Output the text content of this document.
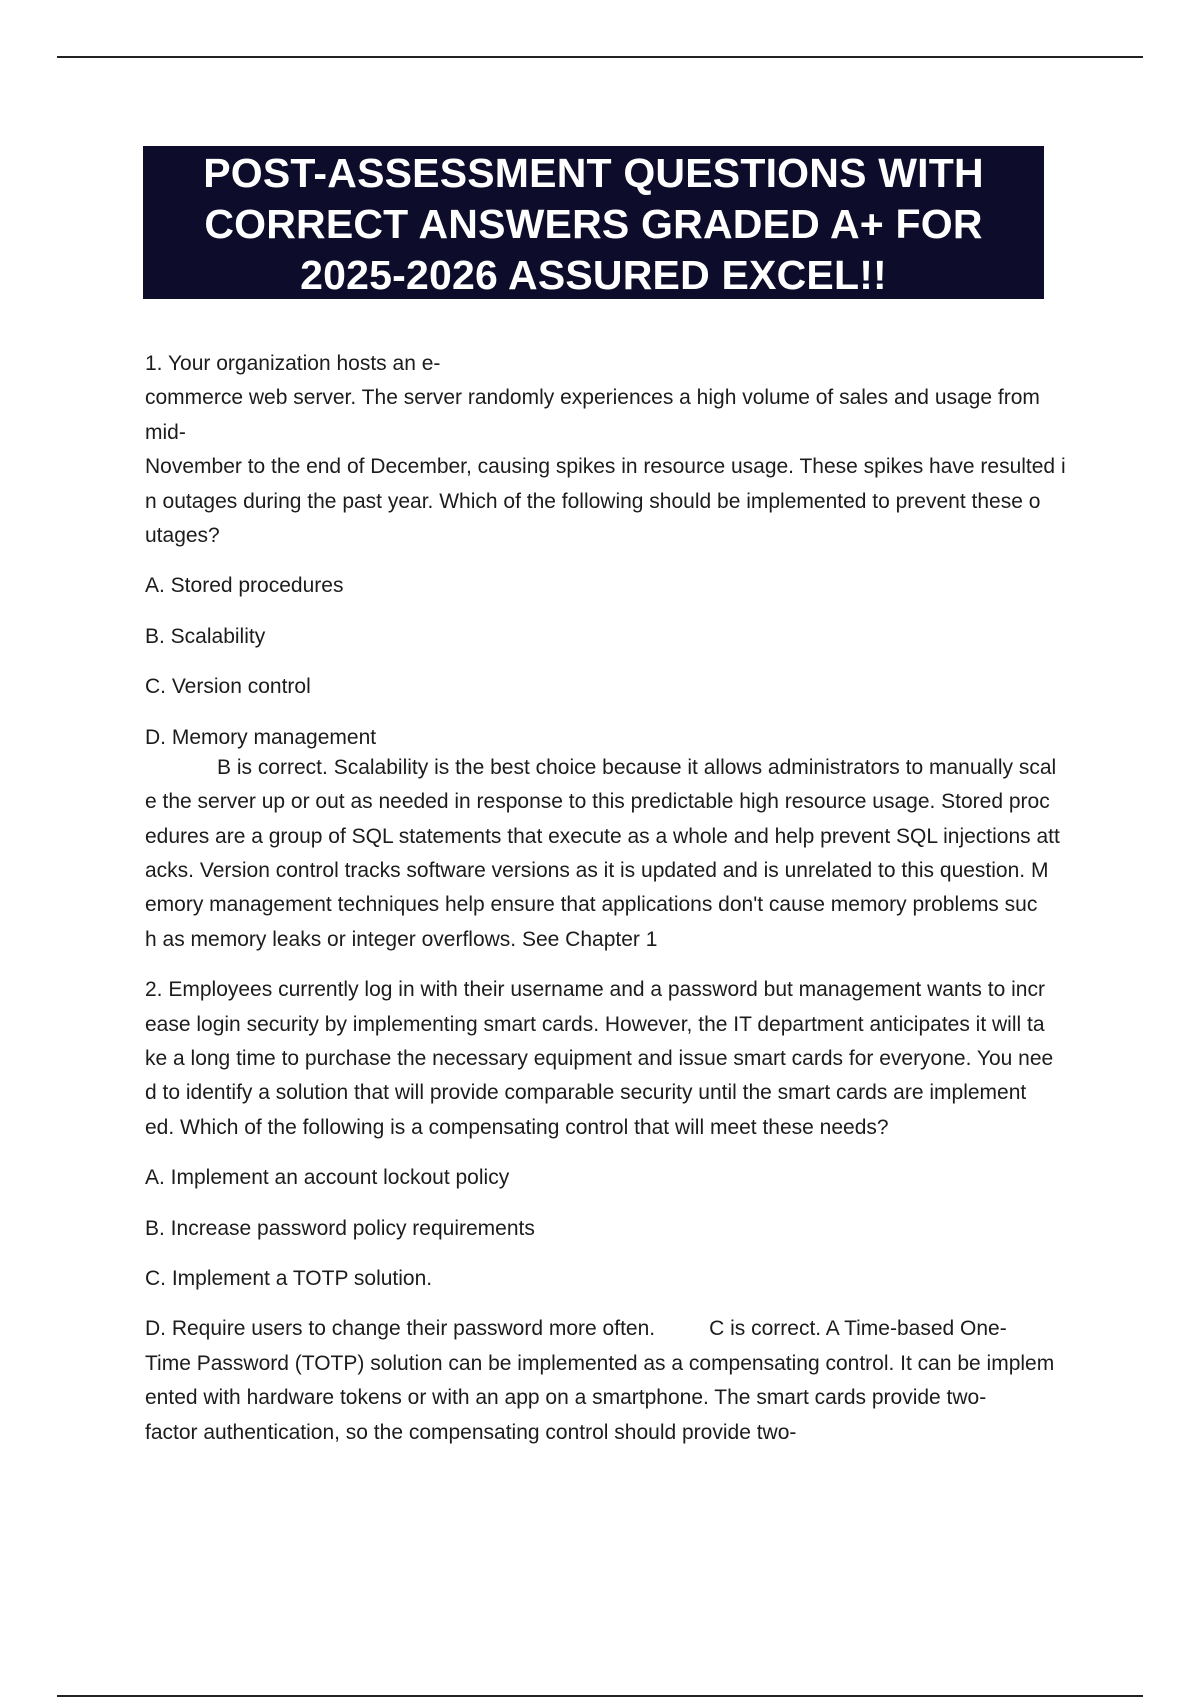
POST-ASSESSMENT QUESTIONS WITH
CORRECT ANSWERS GRADED A+ FOR
2025-2026 ASSURED EXCEL!!
1. Your organization hosts an e-
commerce web server. The server randomly experiences a high volume of sales and usage from
mid-
November to the end of December, causing spikes in resource usage. These spikes have resulted i
n outages during the past year. Which of the following should be implemented to prevent these o
utages?
A. Stored procedures
B. Scalability
C. Version control
D. Memory management
B is correct. Scalability is the best choice because it allows administrators to manually scal
e the server up or out as needed in response to this predictable high resource usage. Stored proc
edures are a group of SQL statements that execute as a whole and help prevent SQL injections att
acks. Version control tracks software versions as it is updated and is unrelated to this question. M
emory management techniques help ensure that applications don't cause memory problems suc
h as memory leaks or integer overflows. See Chapter 1
2. Employees currently log in with their username and a password but management wants to incr
ease login security by implementing smart cards. However, the IT department anticipates it will ta
ke a long time to purchase the necessary equipment and issue smart cards for everyone. You nee
d to identify a solution that will provide comparable security until the smart cards are implement
ed. Which of the following is a compensating control that will meet these needs?
A. Implement an account lockout policy
B. Increase password policy requirements
C. Implement a TOTP solution.
D. Require users to change their password more often.	C is correct. A Time-based One-
Time Password (TOTP) solution can be implemented as a compensating control. It can be implem
ented with hardware tokens or with an app on a smartphone. The smart cards provide two-
factor authentication, so the compensating control should provide two-
